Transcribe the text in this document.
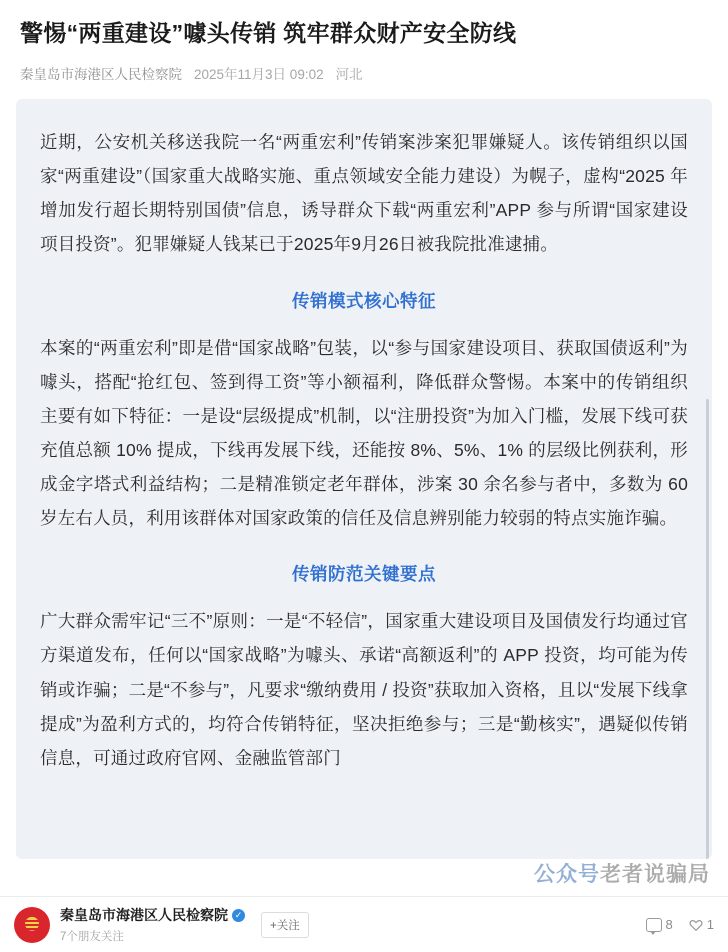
警惕“两重建设”噱头传销 筑牢群众财产安全防线
秦皇岛市海港区人民检察院 2025年11月3日 09:02 河北

近期，公安机关移送我院一名“两重宏利”传销案涉案犯罪嫌疑人。该传销组织以国家“两重建设”（国家重大战略实施、重点领域安全能力建设）为幌子，虚构“2025 年增加发行超长期特别国债”信息，诱导群众下载“两重宏利”APP 参与所谓“国家建设项目投资”。犯罪嫌疑人钱某已于2025年9月26日被我院批准逮捕。

传销模式核心特征

本案的“两重宏利”即是借“国家战略”包装，以“参与国家建设项目、获取国债返利”为噱头，搭配“抢红包、签到得工资”等小额福利，降低群众警惕。本案中的传销组织主要有如下特征：一是设“层级提成”机制，以“注册投资”为加入门槛，发展下线可获充值总额 10% 提成，下线再发展下线，还能按 8%、5%、1% 的层级比例获利，形成金字塔式利益结构；二是精准锁定老年群体，涉案 30 余名参与者中，多数为 60 岁左右人员，利用该群体对国家政策的信任及信息辨别能力较弱的特点实施诈骗。

传销防范关键要点

广大群众需牢记“三不”原则：一是“不轻信”，国家重大建设项目及国债发行均通过官方渠道发布，任何以“国家战略”为噱头、承诺“高额返利”的 APP 投资，均可能为传销或诈骗；二是“不参与”，凡要求“缴纳费用 / 投资”获取加入资格，且以“发展下线拿提成”为盈利方式的，均符合传销特征，坚决拒绝参与；三是“勤核实”，遇疑似传销信息，可通过政府官网、金融监管部门

公众号老者说骗局
秦皇岛市海港区人民检察院 ✓
7个朋友关注
+关注	8	1
